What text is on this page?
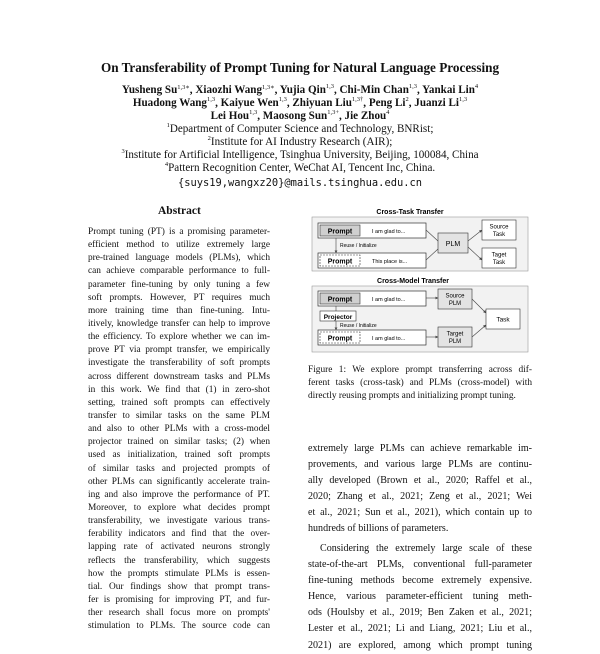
On Transferability of Prompt Tuning for Natural Language Processing
Yusheng $Su^{1,3∗}$, Xiaozhi Wang$^{1,3∗}$, Yujia Qin$^{1,3}$, Chi-Min Chan$^{1,3}$, Yankai Lin$^4$
Huadong Wang$^{1,3}$, Kaiyue Wen$^{1,3}$, Zhiyuan Liu$^{1,3\dagger}$, Peng Li$^2$, Juanzi Li$^{1,3}$
Lei Hou$^{1,3}$, Maosong Sun$^{1,3+}$, Jie Zhou$^4$
$^1$Department of Computer Science and Technology, BNRist;
$^2$Institute for AI Industry Research (AIR);
$^3$Institute for Artificial Intelligence, Tsinghua University, Beijing, 100084, China
$^4$Pattern Recognition Center, WeChat AI, Tencent Inc, China.
{suys19,wangxz20}@mails.tsinghua.edu.cn
Abstract
Prompt tuning (PT) is a promising parameter-
efficient method to utilize extremely large
pre-trained language models (PLMs), which
can achieve comparable performance to full-
parameter fine-tuning by only tuning a few
soft prompts. However, PT requires much
more training time than fine-tuning. Intu-
itively, knowledge transfer can help to improve
the efficiency. To explore whether we can im-
prove PT via prompt transfer, we empirically
investigate the transferability of soft prompts
across different downstream tasks and PLMs
in this work. We find that (1) in zero-shot
setting, trained soft prompts can effectively
transfer to similar tasks on the same PLM
and also to other PLMs with a cross-model
projector trained on similar tasks; (2) when
used as initialization, trained soft prompts
of similar tasks and projected prompts of
other PLMs can significantly accelerate train-
ing and also improve the performance of PT.
Moreover, to explore what decides prompt
transferability, we investigate various trans-
ferability indicators and find that the over-
lapping rate of activated neurons strongly
reflects the transferability, which suggests
how the prompts stimulate PLMs is essen-
tial. Our findings show that prompt trans-
fer is promising for improving PT, and fur-
ther research shall focus more on prompts'
stimulation to PLMs. The source code can
Cross-Task Transfer
Prompt	I am glad to...
Reuse / Initialize
Prompt	This place is...
PLM
Source
Task
Taget
Task
Cross-Model Transfer
Prompt	I am glad to...
Projector
Reuse / Initialize
Prompt	I am glad to...
Source
PLM
Target
PLM
Task
Figure 1: We explore prompt transferring across dif-
ferent tasks (cross-task) and PLMs (cross-model) with
directly reusing prompts and initializing prompt tuning.
extremely large PLMs can achieve remarkable im-
provements, and various large PLMs are continu-
ally developed (Brown et al., 2020; Raffel et al.,
2020; Zhang et al., 2021; Zeng et al., 2021; Wei
et al., 2021; Sun et al., 2021), which contain up to
hundreds of billions of parameters.
Considering the extremely large scale of these
state-of-the-art PLMs, conventional full-parameter
fine-tuning methods become extremely expensive.
Hence, various parameter-efficient tuning meth-
ods (Houlsby et al., 2019; Ben Zaken et al., 2021;
Lester et al., 2021; Li and Liang, 2021; Liu et al.,
2021) are explored, among which prompt tuning
